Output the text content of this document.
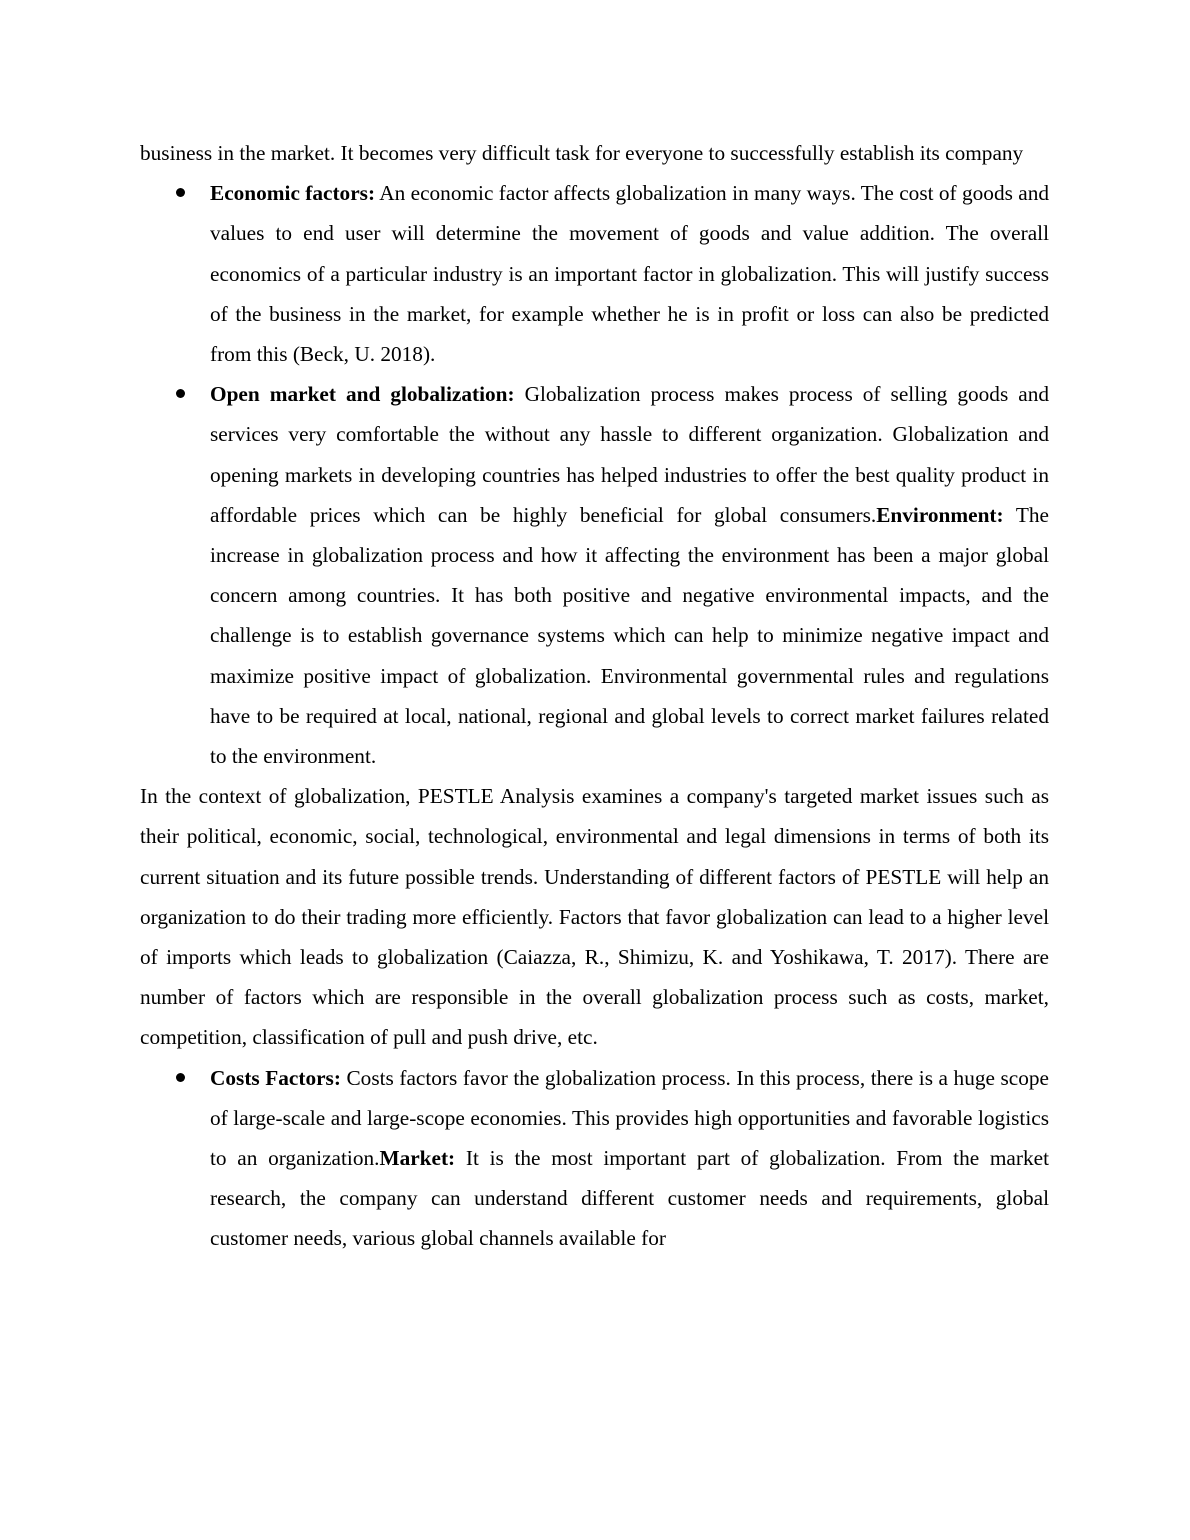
business in the market. It becomes very difficult task for everyone to successfully establish its company

Economic factors: An economic factor affects globalization in many ways. The cost of goods and values to end user will determine the movement of goods and value addition. The overall economics of a particular industry is an important factor in globalization. This will justify success of the business in the market, for example whether he is in profit or loss can also be predicted from this (Beck, U. 2018).
Open market and globalization: Globalization process makes process of selling goods and services very comfortable the without any hassle to different organization. Globalization and opening markets in developing countries has helped industries to offer the best quality product in affordable prices which can be highly beneficial for global consumers.Environment: The increase in globalization process and how it affecting the environment has been a major global concern among countries. It has both positive and negative environmental impacts, and the challenge is to establish governance systems which can help to minimize negative impact and maximize positive impact of globalization. Environmental governmental rules and regulations have to be required at local, national, regional and global levels to correct market failures related to the environment.

In the context of globalization, PESTLE Analysis examines a company's targeted market issues such as their political, economic, social, technological, environmental and legal dimensions in terms of both its current situation and its future possible trends. Understanding of different factors of PESTLE will help an organization to do their trading more efficiently. Factors that favor globalization can lead to a higher level of imports which leads to globalization (Caiazza, R., Shimizu, K. and Yoshikawa, T. 2017). There are number of factors which are responsible in the overall globalization process such as costs, market, competition, classification of pull and push drive, etc.

Costs Factors: Costs factors favor the globalization process. In this process, there is a huge scope of large-scale and large-scope economies. This provides high opportunities and favorable logistics to an organization.Market: It is the most important part of globalization. From the market research, the company can understand different customer needs and requirements, global customer needs, various global channels available for
